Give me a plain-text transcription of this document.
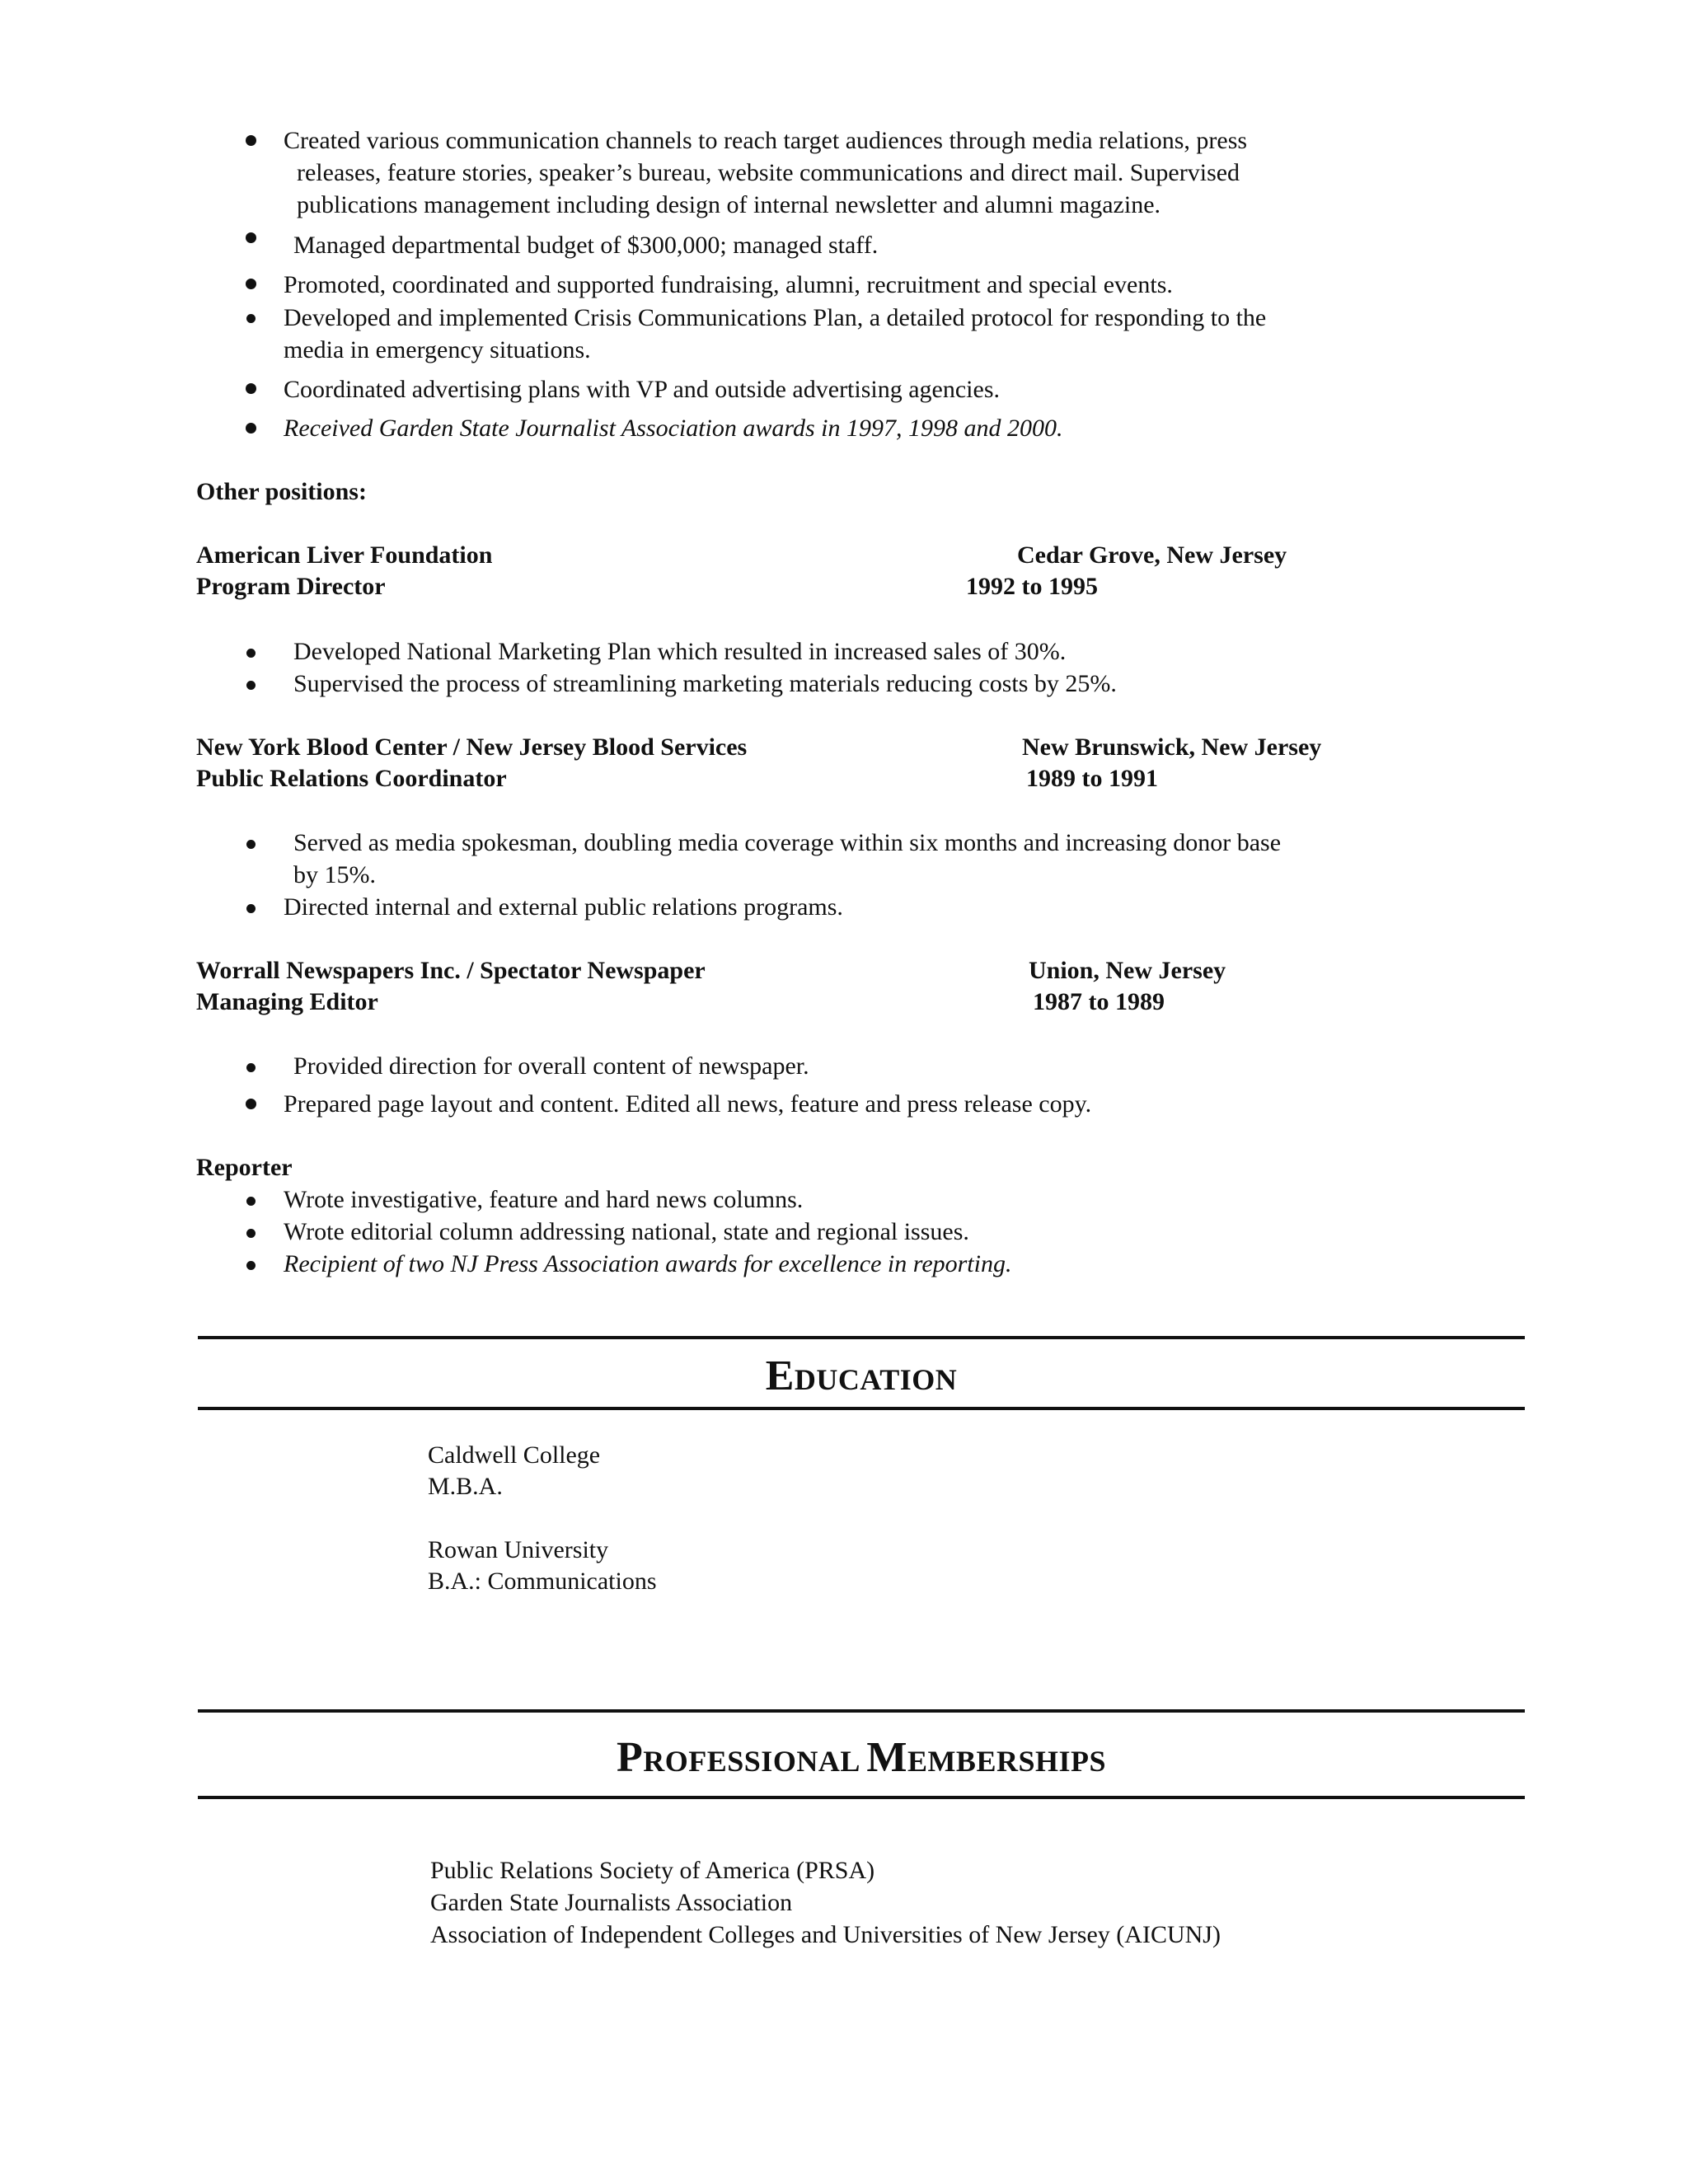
Created various communication channels to reach target audiences through media relations, press
releases, feature stories, speaker’s bureau, website communications and direct mail. Supervised
publications management including design of internal newsletter and alumni magazine.
Managed departmental budget of $300,000; managed staff.
Promoted, coordinated and supported fundraising, alumni, recruitment and special events.
Developed and implemented Crisis Communications Plan, a detailed protocol for responding to the
media in emergency situations.
Coordinated advertising plans with VP and outside advertising agencies.
Received Garden State Journalist Association awards in 1997, 1998 and 2000.
Other positions:
American Liver Foundation	Cedar Grove, New Jersey
Program Director	1992 to 1995
Developed National Marketing Plan which resulted in increased sales of 30%.
Supervised the process of streamlining marketing materials reducing costs by 25%.
New York Blood Center / New Jersey Blood Services	New Brunswick, New Jersey
Public Relations Coordinator	1989 to 1991
Served as media spokesman, doubling media coverage within six months and increasing donor base
by 15%.
Directed internal and external public relations programs.
Worrall Newspapers Inc. / Spectator Newspaper	Union, New Jersey
Managing Editor	1987 to 1989
Provided direction for overall content of newspaper.
Prepared page layout and content. Edited all news, feature and press release copy.
Reporter
Wrote investigative, feature and hard news columns.
Wrote editorial column addressing national, state and regional issues.
Recipient of two NJ Press Association awards for excellence in reporting.
EDUCATION
Caldwell College
M.B.A.
Rowan University
B.A.: Communications
PROFESSIONAL MEMBERSHIPS
Public Relations Society of America (PRSA)
Garden State Journalists Association
Association of Independent Colleges and Universities of New Jersey (AICUNJ)
